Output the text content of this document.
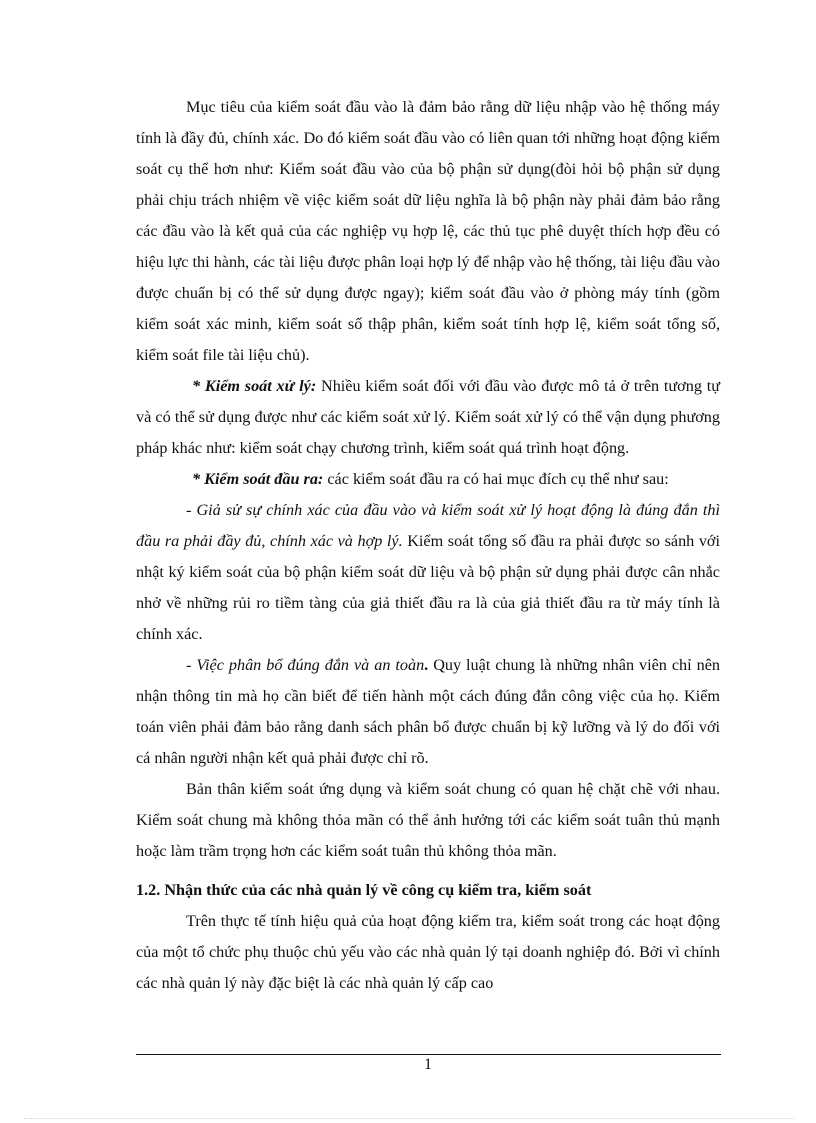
Mục tiêu của kiểm soát đầu vào là đảm bảo rằng dữ liệu nhập vào hệ thống máy tính là đầy đủ, chính xác. Do đó kiểm soát đầu vào có liên quan tới những hoạt động kiểm soát cụ thể hơn như: Kiểm soát đầu vào của bộ phận sử dụng(đòi hỏi bộ phận sử dụng phải chịu trách nhiệm về việc kiểm soát dữ liệu nghĩa là bộ phận này phải đảm bảo rằng các đầu vào là kết quả của các nghiệp vụ hợp lệ, các thủ tục phê duyệt thích hợp đều có hiệu lực thi hành, các tài liệu được phân loại hợp lý để nhập vào hệ thống, tài liệu đầu vào được chuẩn bị có thể sử dụng được ngay); kiểm soát đầu vào ở phòng máy tính (gồm kiểm soát xác minh, kiểm soát số thập phân, kiểm soát tính hợp lệ, kiểm soát tổng số, kiểm soát file tài liệu chủ).

* Kiểm soát xử lý: Nhiều kiểm soát đối với đầu vào được mô tả ở trên tương tự và có thể sử dụng được như các kiểm soát xử lý. Kiểm soát xử lý có thể vận dụng phương pháp khác như: kiểm soát chạy chương trình, kiểm soát quá trình hoạt động.

* Kiểm soát đầu ra: các kiểm soát đầu ra có hai mục đích cụ thể như sau:

- Giả sử sự chính xác của đầu vào và kiểm soát xử lý hoạt động là đúng đắn thì đầu ra phải đầy đủ, chính xác và hợp lý. Kiểm soát tổng số đầu ra phải được so sánh với nhật ký kiểm soát của bộ phận kiểm soát dữ liệu và bộ phận sử dụng phải được cân nhắc nhở về những rủi ro tiềm tàng của giả thiết đầu ra là của giả thiết đầu ra từ máy tính là chính xác.

- Việc phân bổ đúng đắn và an toàn. Quy luật chung là những nhân viên chỉ nên nhận thông tin mà họ cần biết để tiến hành một cách đúng đắn công việc của họ. Kiểm toán viên phải đảm bảo rằng danh sách phân bổ được chuẩn bị kỹ lưỡng và lý do đối với cá nhân người nhận kết quả phải được chỉ rõ.

Bản thân kiểm soát ứng dụng và kiểm soát chung có quan hệ chặt chẽ với nhau. Kiểm soát chung mà không thỏa mãn có thể ảnh hưởng tới các kiểm soát tuân thủ mạnh hoặc làm trầm trọng hơn các kiểm soát tuân thủ không thỏa mãn.

1.2. Nhận thức của các nhà quản lý về công cụ kiểm tra, kiểm soát

Trên thực tế tính hiệu quả của hoạt động kiểm tra, kiểm soát trong các hoạt động của một tổ chức phụ thuộc chủ yếu vào các nhà quản lý tại doanh nghiệp đó. Bởi vì chính các nhà quản lý này đặc biệt là các nhà quản lý cấp cao

1
